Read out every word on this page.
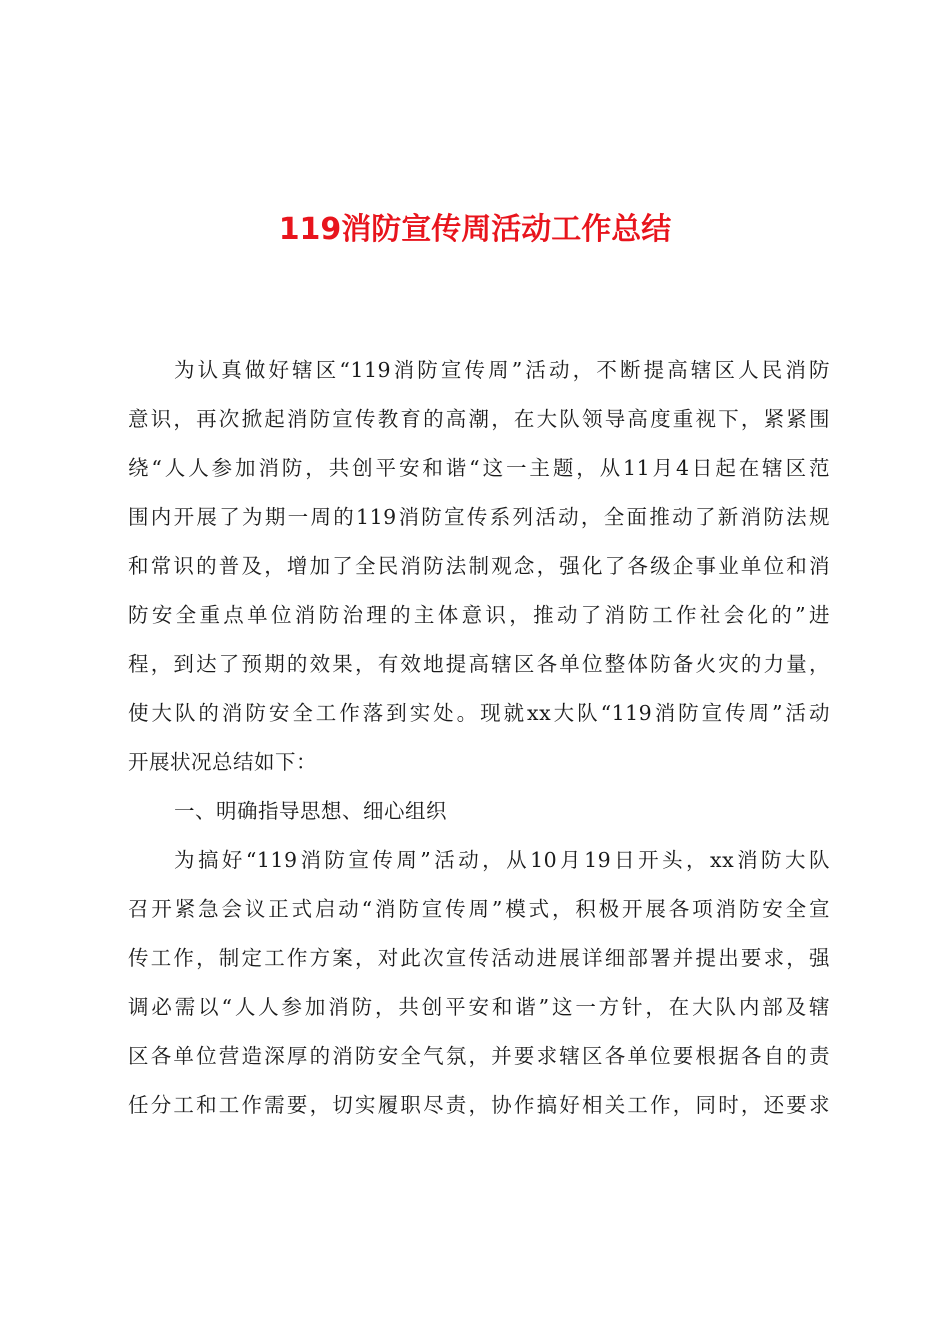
119消防宣传周活动工作总结
为认真做好辖区“119消防宣传周”活动，不断提高辖区人民消防
意识，再次掀起消防宣传教育的高潮，在大队领导高度重视下，紧紧围
绕“人人参加消防，共创平安和谐“这一主题，从11月4日起在辖区范
围内开展了为期一周的119消防宣传系列活动，全面推动了新消防法规
和常识的普及，增加了全民消防法制观念，强化了各级企事业单位和消
防安全重点单位消防治理的主体意识，推动了消防工作社会化的”进
程，到达了预期的效果，有效地提高辖区各单位整体防备火灾的力量，
使大队的消防安全工作落到实处。现就xx大队“119消防宣传周”活动
开展状况总结如下：
一、明确指导思想、细心组织
为搞好“119消防宣传周”活动，从10月19日开头，xx消防大队
召开紧急会议正式启动“消防宣传周”模式，积极开展各项消防安全宣
传工作，制定工作方案，对此次宣传活动进展详细部署并提出要求，强
调必需以“人人参加消防，共创平安和谐”这一方针，在大队内部及辖
区各单位营造深厚的消防安全气氛，并要求辖区各单位要根据各自的责
任分工和工作需要，切实履职尽责，协作搞好相关工作，同时，还要求
